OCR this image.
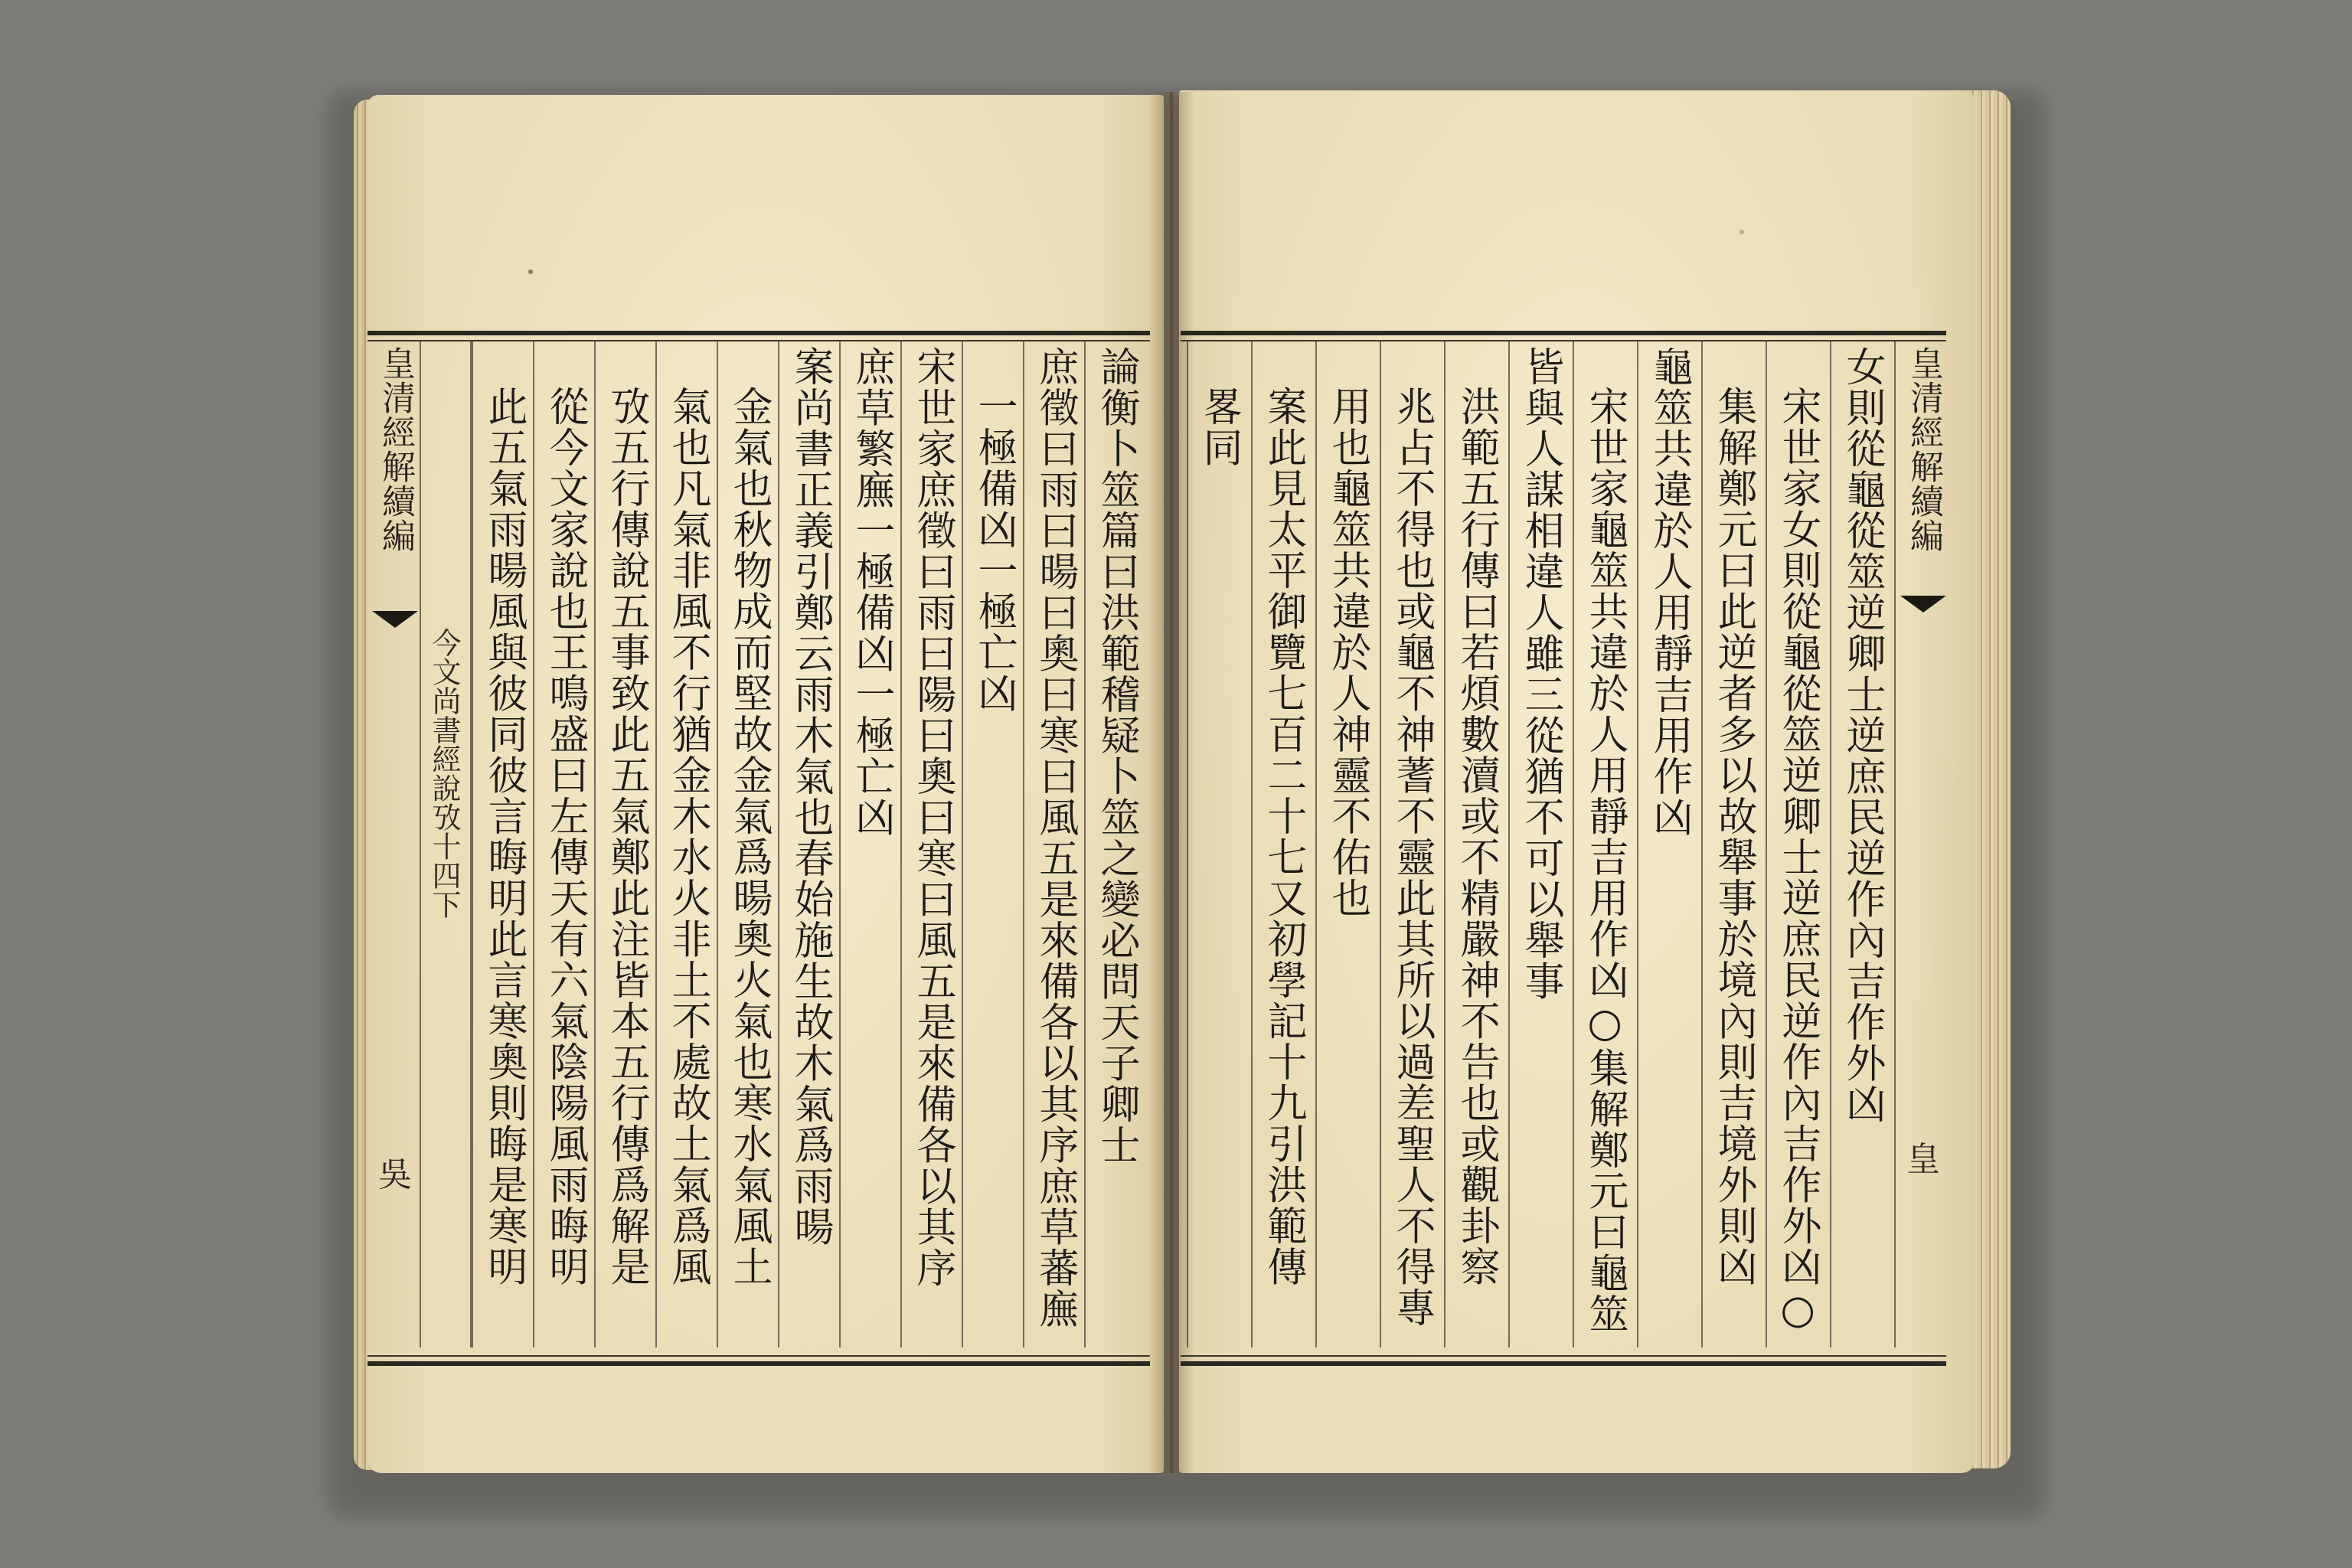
皇清經解續編
今文尚書經說攷十四下
吳
論衡卜筮篇曰洪範稽疑卜筮之變必問天子卿士
庶徵曰雨曰暘曰奧曰寒曰風五是來備各以其序庶草蕃廡
一極備凶一極亡凶
宋世家庶徵曰雨曰陽曰奧曰寒曰風五是來備各以其序
庶草繁廡一極備凶一極亡凶
案尚書正義引鄭云雨木氣也春始施生故木氣爲雨暘
金氣也秋物成而堅故金氣爲暘奧火氣也寒水氣風土
氣也凡氣非風不行猶金木水火非土不處故土氣爲風
攷五行傳說五事致此五氣鄭此注皆本五行傳爲解是
從今文家說也王鳴盛曰左傳天有六氣陰陽風雨晦明
此五氣雨暘風與彼同彼言晦明此言寒奧則晦是寒明	女則從龜從筮逆卿士逆庶民逆作內吉作外凶
宋世家女則從龜從筮逆卿士逆庶民逆作內吉作外凶○
集解鄭元曰此逆者多以故舉事於境內則吉境外則凶
龜筮共違於人用靜吉用作凶
宋世家龜筮共違於人用靜吉用作凶○集解鄭元曰龜筮
皆與人謀相違人雖三從猶不可以舉事
洪範五行傳曰若煩數瀆或不精嚴神不告也或觀卦察
兆占不得也或龜不神蓍不靈此其所以過差聖人不得專
用也龜筮共違於人神靈不佑也
案此見太平御覽七百二十七又初學記十九引洪範傳
畧同	皇清經解續編
皇
